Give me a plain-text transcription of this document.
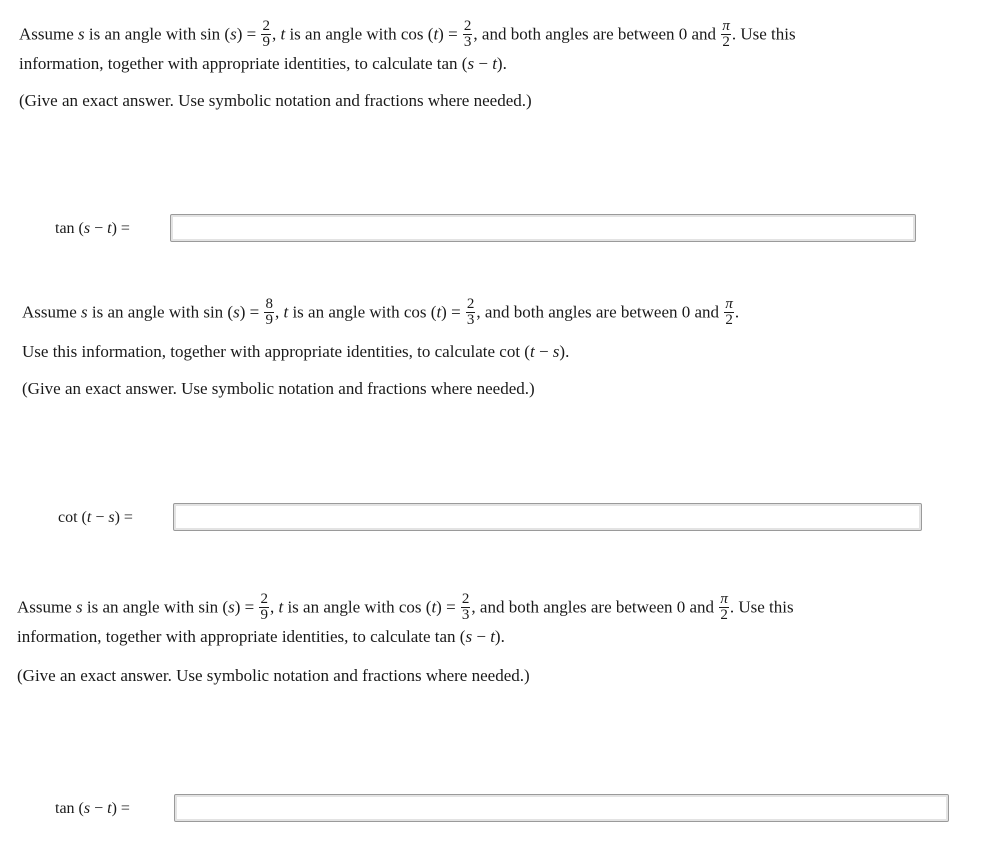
Assume s is an angle with $\sin (s) = \frac{2}{9}$ , t is an angle with $\cos (t) = \frac{2}{3}$ , and both angles are between 0 and $\frac{\pi}{2}$ . Use this
information, together with appropriate identities, to calculate tan (s − t).
(Give an exact answer. Use symbolic notation and fractions where needed.)
tan (s − t) =
Assume s is an angle with $\sin (s) = \frac{8}{9}$ , t is an angle with $\cos (t) = \frac{2}{3}$ , and both angles are between 0 and $\frac{\pi}{2}$ .
Use this information, together with appropriate identities, to calculate cot (t − s).
(Give an exact answer. Use symbolic notation and fractions where needed.)
cot (t − s) =
Assume s is an angle with $\sin (s) = \frac{2}{9}$ , t is an angle with $\cos (t) = \frac{2}{3}$ , and both angles are between 0 and $\frac{\pi}{2}$ . Use this
information, together with appropriate identities, to calculate tan (s − t).
(Give an exact answer. Use symbolic notation and fractions where needed.)
tan (s − t) =
